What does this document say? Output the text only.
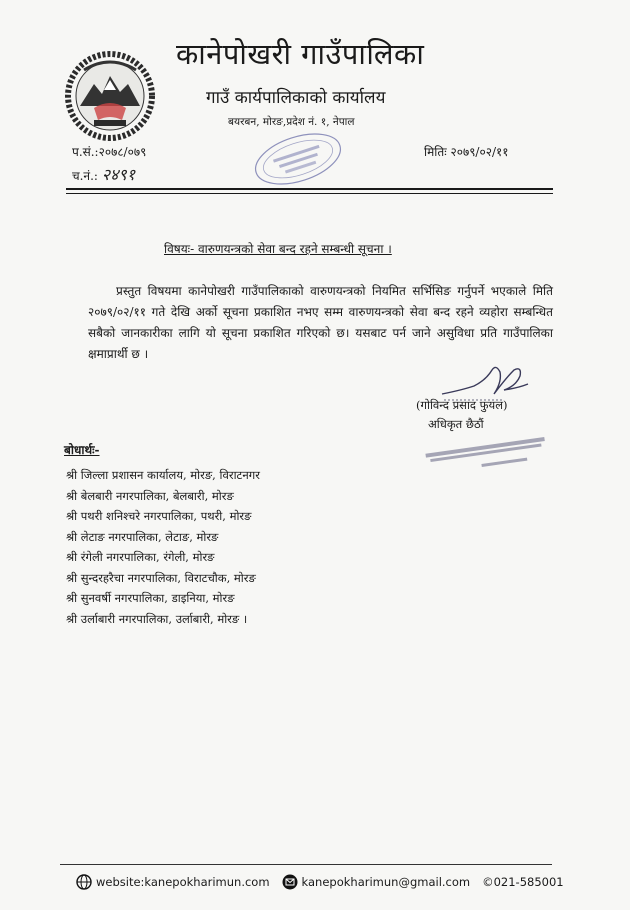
कानेपोखरी गाउँपालिका
गाउँ कार्यपालिकाको कार्यालय
बयरबन, मोरङ,प्रदेश नं. १, नेपाल
प.सं.:२०७८/०७९
च.नं.: २४९१
मितिः २०७९/०२/११
विषयः- वारुणयन्त्रको सेवा बन्द रहने सम्बन्धी सूचना ।
प्रस्तुत विषयमा कानेपोखरी गाउँपालिकाको वारुणयन्त्रको नियमित सर्भिसिङ गर्नुपर्ने भएकाले मिति २०७९/०२/११ गते देखि अर्को सूचना प्रकाशित नभए सम्म वारुणयन्त्रको सेवा बन्द रहने व्यहोरा सम्बन्धित सबैको जानकारीका लागि यो सूचना प्रकाशित गरिएको छ। यसबाट पर्न जाने असुविधा प्रति गाउँपालिका क्षमाप्रार्थी छ ।
(गोविन्द प्रसाद फुयल)
अधिकृत छैठौं
बोधार्थः-
श्री जिल्ला प्रशासन कार्यालय, मोरङ, विराटनगर
श्री बेलबारी नगरपालिका, बेलबारी, मोरङ
श्री पथरी शनिश्चरे नगरपालिका, पथरी, मोरङ
श्री लेटाङ नगरपालिका, लेटाङ, मोरङ
श्री रंगेली नगरपालिका, रंगेली, मोरङ
श्री सुन्दरहरैचा नगरपालिका, विराटचौक, मोरङ
श्री सुनवर्षी नगरपालिका, डाइनिया, मोरङ
श्री उर्लाबारी नगरपालिका, उर्लाबारी, मोरङ ।
website:kanepokharimun.com	kanepokharimun@gmail.com © 021-585001
